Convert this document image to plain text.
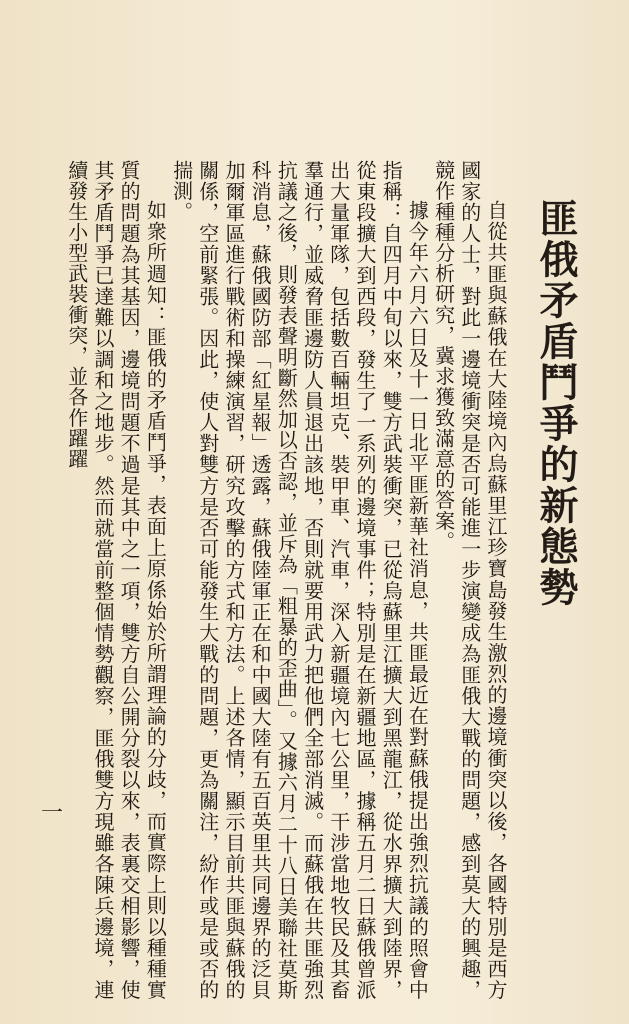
匪俄矛盾鬥爭的新態勢

自從共匪與蘇俄在大陸境內烏蘇里江珍寶島發生激烈的邊境衝突以後，各國特別是西方國家的人士，對此一邊境衝突是否可能進一步演變成為匪俄大戰的問題，感到莫大的興趣，競作種種分析研究，冀求獲致滿意的答案。

據今年六月六日及十一日北平匪新華社消息，共匪最近在對蘇俄提出強烈抗議的照會中指稱：自四月中旬以來，雙方武裝衝突，已從烏蘇里江擴大到黑龍江，從水界擴大到陸界，從東段擴大到西段，發生了一系列的邊境事件；特別是在新疆地區，據稱五月二日蘇俄曾派出大量軍隊，包括數百輛坦克、裝甲車、汽車，深入新疆境內七公里，干涉當地牧民及其畜羣通行，並威脅匪邊防人員退出該地，否則就要用武力把他們全部消滅。而蘇俄在共匪強烈抗議之後，則發表聲明斷然加以否認，並斥為「粗暴的歪曲」。又據六月二十八日美聯社莫斯科消息，蘇俄國防部「紅星報」透露，蘇俄陸軍正在和中國大陸有五百英里共同邊界的泛貝加爾軍區進行戰術和操練演習，研究攻擊的方式和方法。上述各情，顯示目前共匪與蘇俄的關係，空前緊張。因此，使人對雙方是否可能發生大戰的問題，更為關注，紛作或是或否的揣測。

如衆所週知：匪俄的矛盾鬥爭，表面上原係始於所謂理論的分歧，而實際上則以種種實質的問題為其基因，邊境問題不過是其中之一項，雙方自公開分裂以來，表裏交相影響，使其矛盾鬥爭已達難以調和之地步。然而就當前整個情勢觀察，匪俄雙方現雖各陳兵邊境，連續發生小型武裝衝突，並各作躍躍

一
